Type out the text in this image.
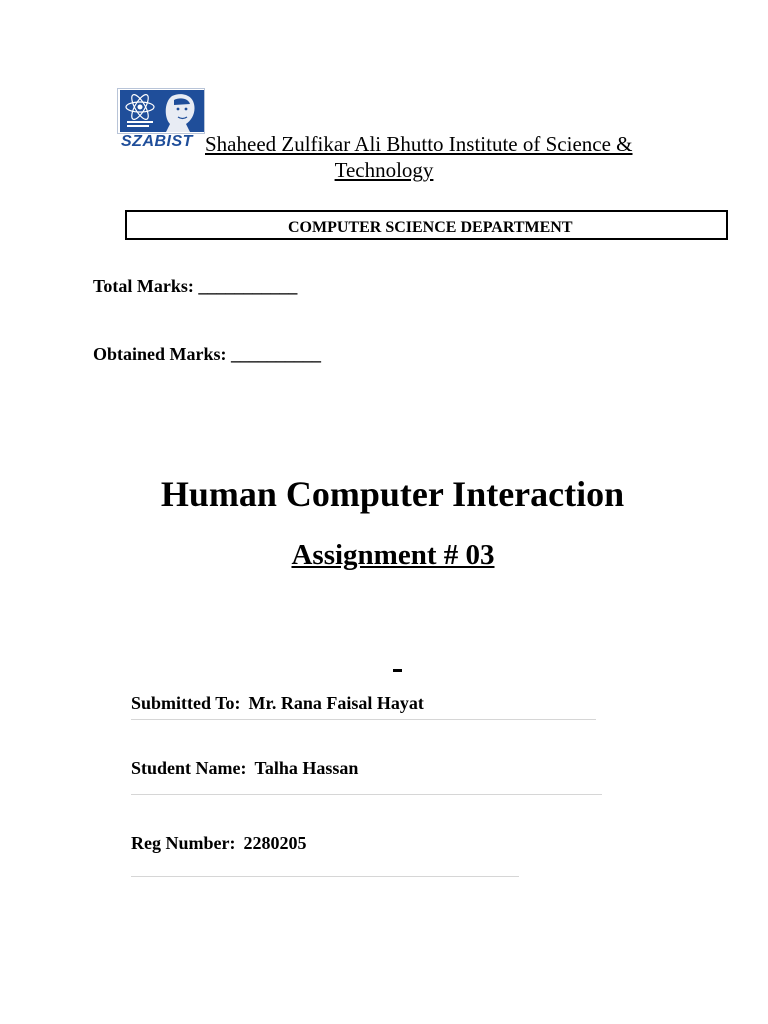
SZABIST Shaheed Zulfikar Ali Bhutto Institute of Science &
Technology
COMPUTER SCIENCE DEPARTMENT
Total Marks: ___________
Obtained Marks: __________
Human Computer Interaction
Assignment # 03
Submitted To: Mr. Rana Faisal Hayat
Student Name: Talha Hassan
Reg Number: 2280205
